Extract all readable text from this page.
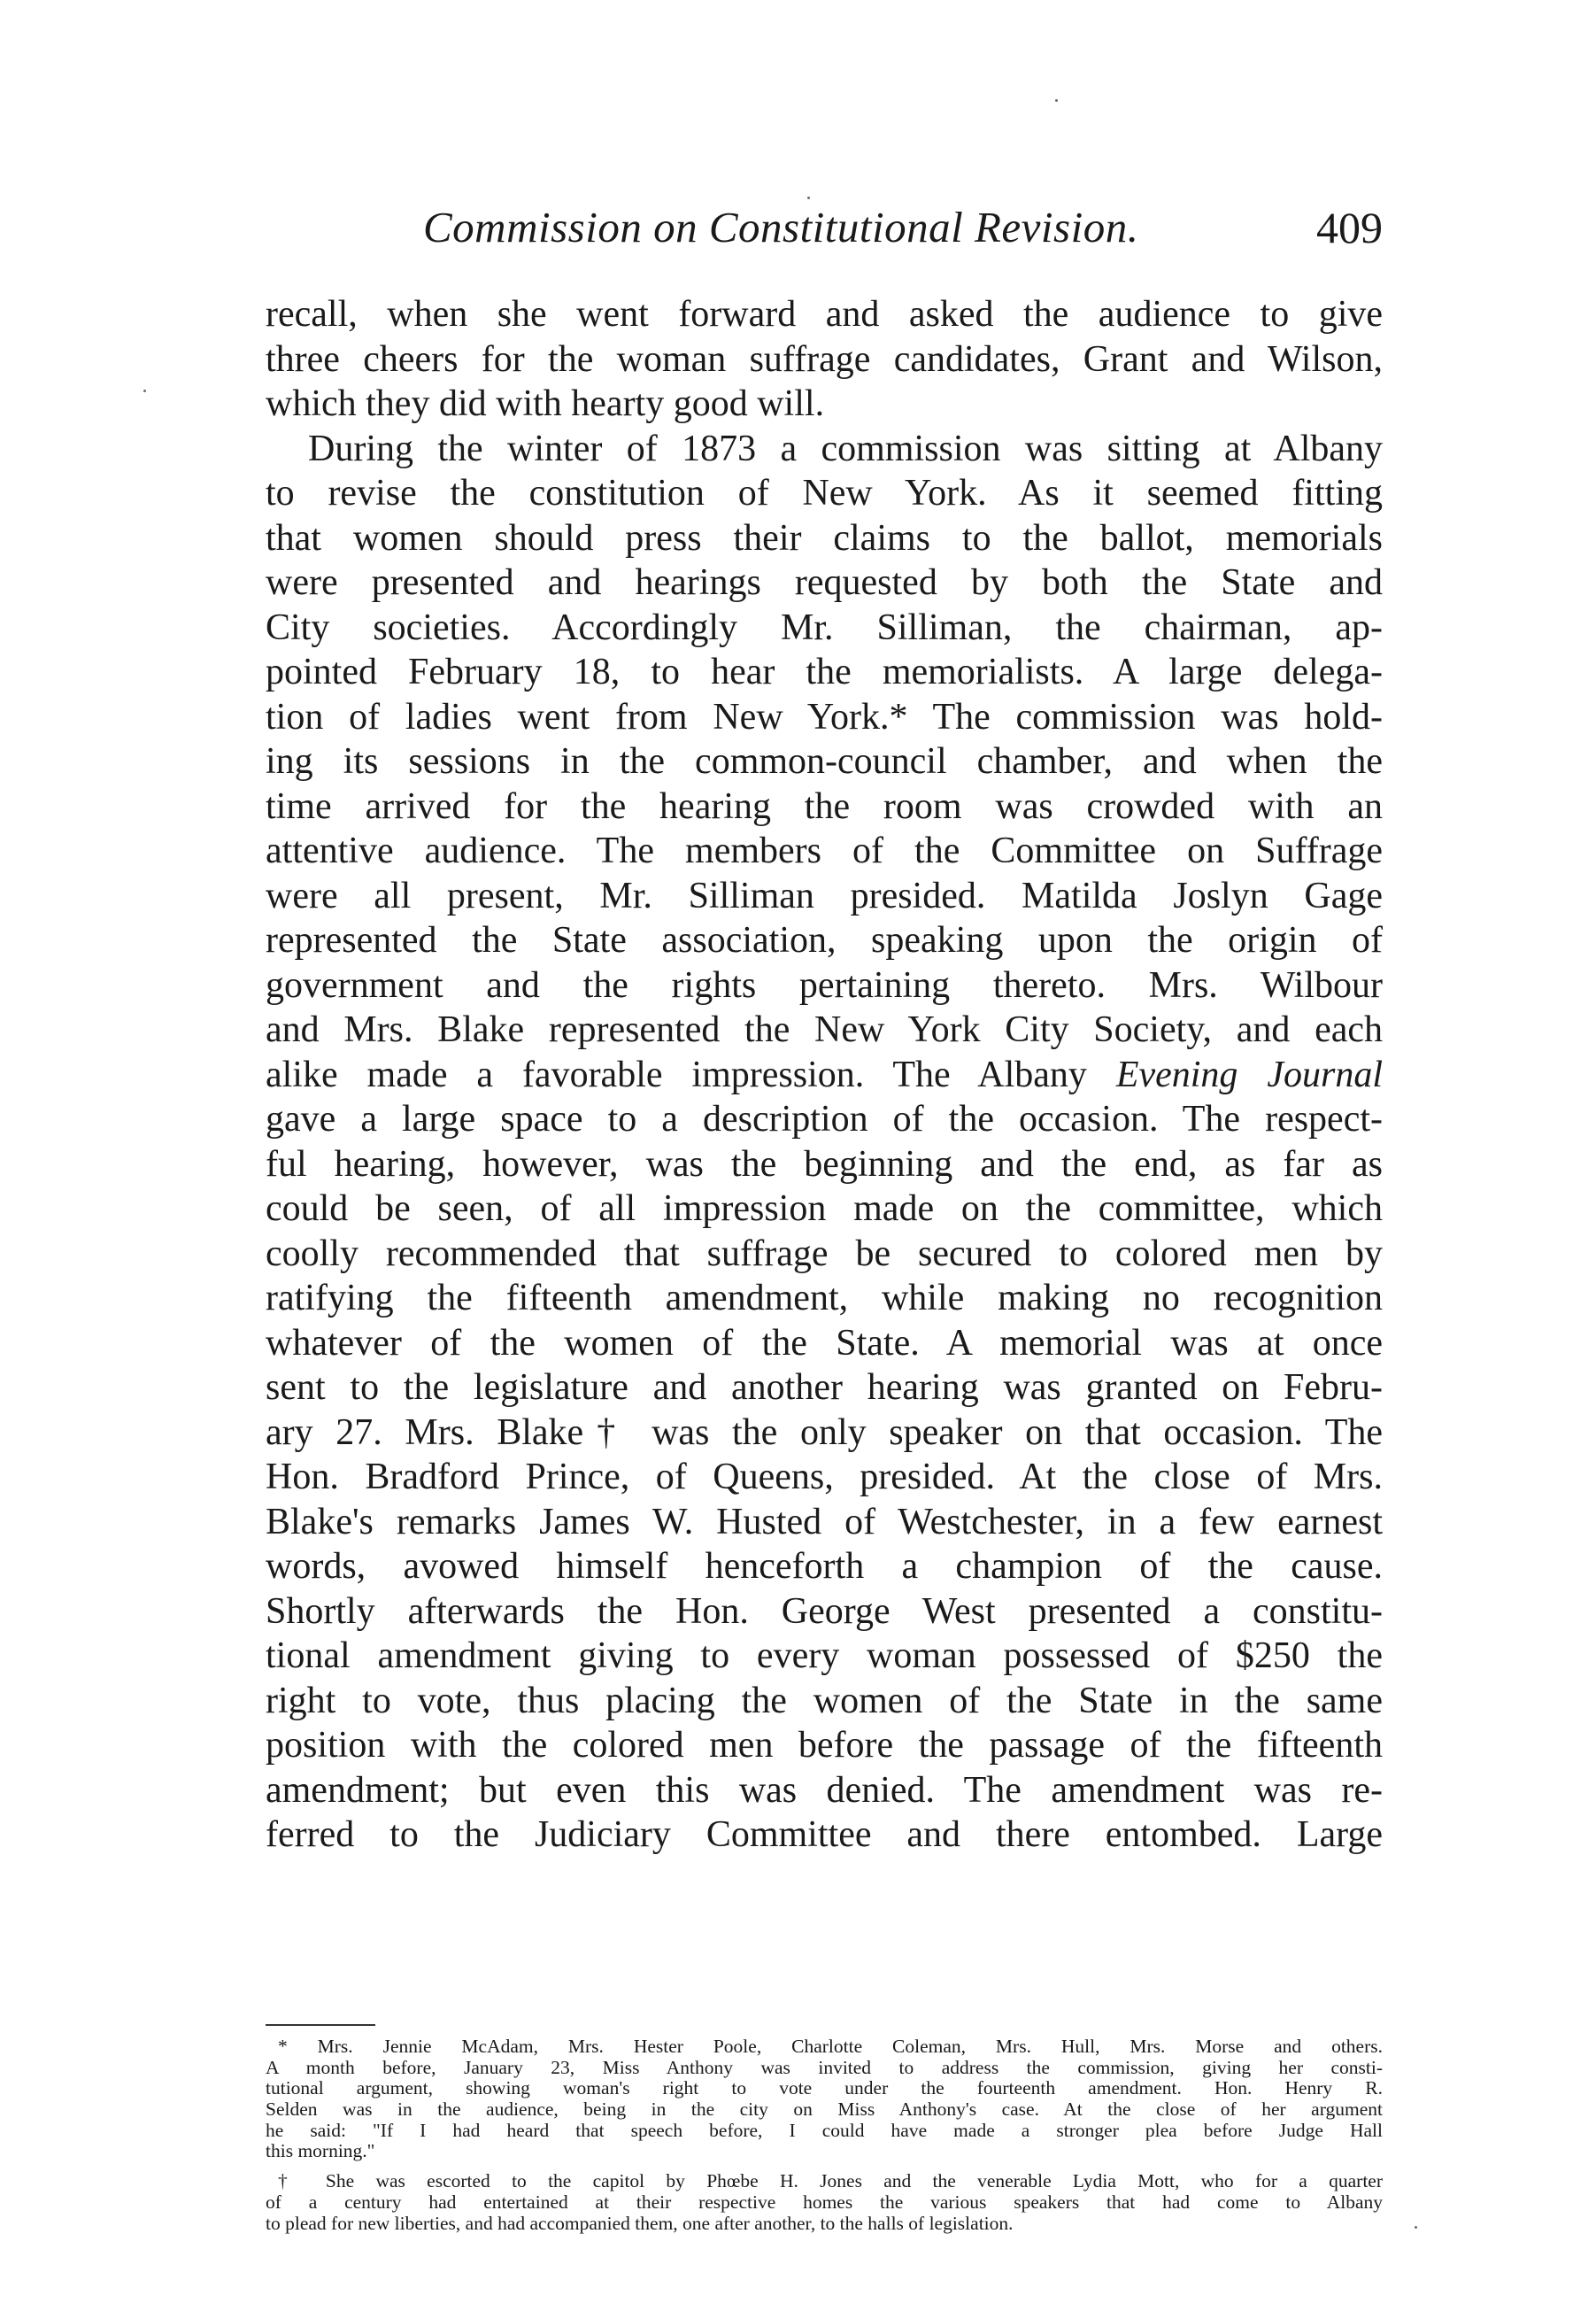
Commission on Constitutional Revision.	409
recall, when she went forward and asked the audience to give
three cheers for the woman suffrage candidates, Grant and Wilson,
which they did with hearty good will.
During the winter of 1873 a commission was sitting at Albany
to revise the constitution of New York. As it seemed fitting
that women should press their claims to the ballot, memorials
were presented and hearings requested by both the State and
City societies. Accordingly Mr. Silliman, the chairman, ap-
pointed February 18, to hear the memorialists. A large delega-
tion of ladies went from New York.* The commission was hold-
ing its sessions in the common-council chamber, and when the
time arrived for the hearing the room was crowded with an
attentive audience. The members of the Committee on Suffrage
were all present, Mr. Silliman presided. Matilda Joslyn Gage
represented the State association, speaking upon the origin of
government and the rights pertaining thereto. Mrs. Wilbour
and Mrs. Blake represented the New York City Society, and each
alike made a favorable impression. The Albany Evening Journal
gave a large space to a description of the occasion. The respect-
ful hearing, however, was the beginning and the end, as far as
could be seen, of all impression made on the committee, which
coolly recommended that suffrage be secured to colored men by
ratifying the fifteenth amendment, while making no recognition
whatever of the women of the State. A memorial was at once
sent to the legislature and another hearing was granted on Febru-
ary 27. Mrs. Blake† was the only speaker on that occasion. The
Hon. Bradford Prince, of Queens, presided. At the close of Mrs.
Blake's remarks James W. Husted of Westchester, in a few earnest
words, avowed himself henceforth a champion of the cause.
Shortly afterwards the Hon. George West presented a constitu-
tional amendment giving to every woman possessed of $250 the
right to vote, thus placing the women of the State in the same
position with the colored men before the passage of the fifteenth
amendment; but even this was denied. The amendment was re-
ferred to the Judiciary Committee and there entombed. Large
* Mrs. Jennie McAdam, Mrs. Hester Poole, Charlotte Coleman, Mrs. Hull, Mrs. Morse and others.
A month before, January 23, Miss Anthony was invited to address the commission, giving her consti-
tutional argument, showing woman's right to vote under the fourteenth amendment. Hon. Henry R.
Selden was in the audience, being in the city on Miss Anthony's case. At the close of her argument
he said: "If I had heard that speech before, I could have made a stronger plea before Judge Hall
this morning."
† She was escorted to the capitol by Phœbe H. Jones and the venerable Lydia Mott, who for a quarter
of a century had entertained at their respective homes the various speakers that had come to Albany
to plead for new liberties, and had accompanied them, one after another, to the halls of legislation.
